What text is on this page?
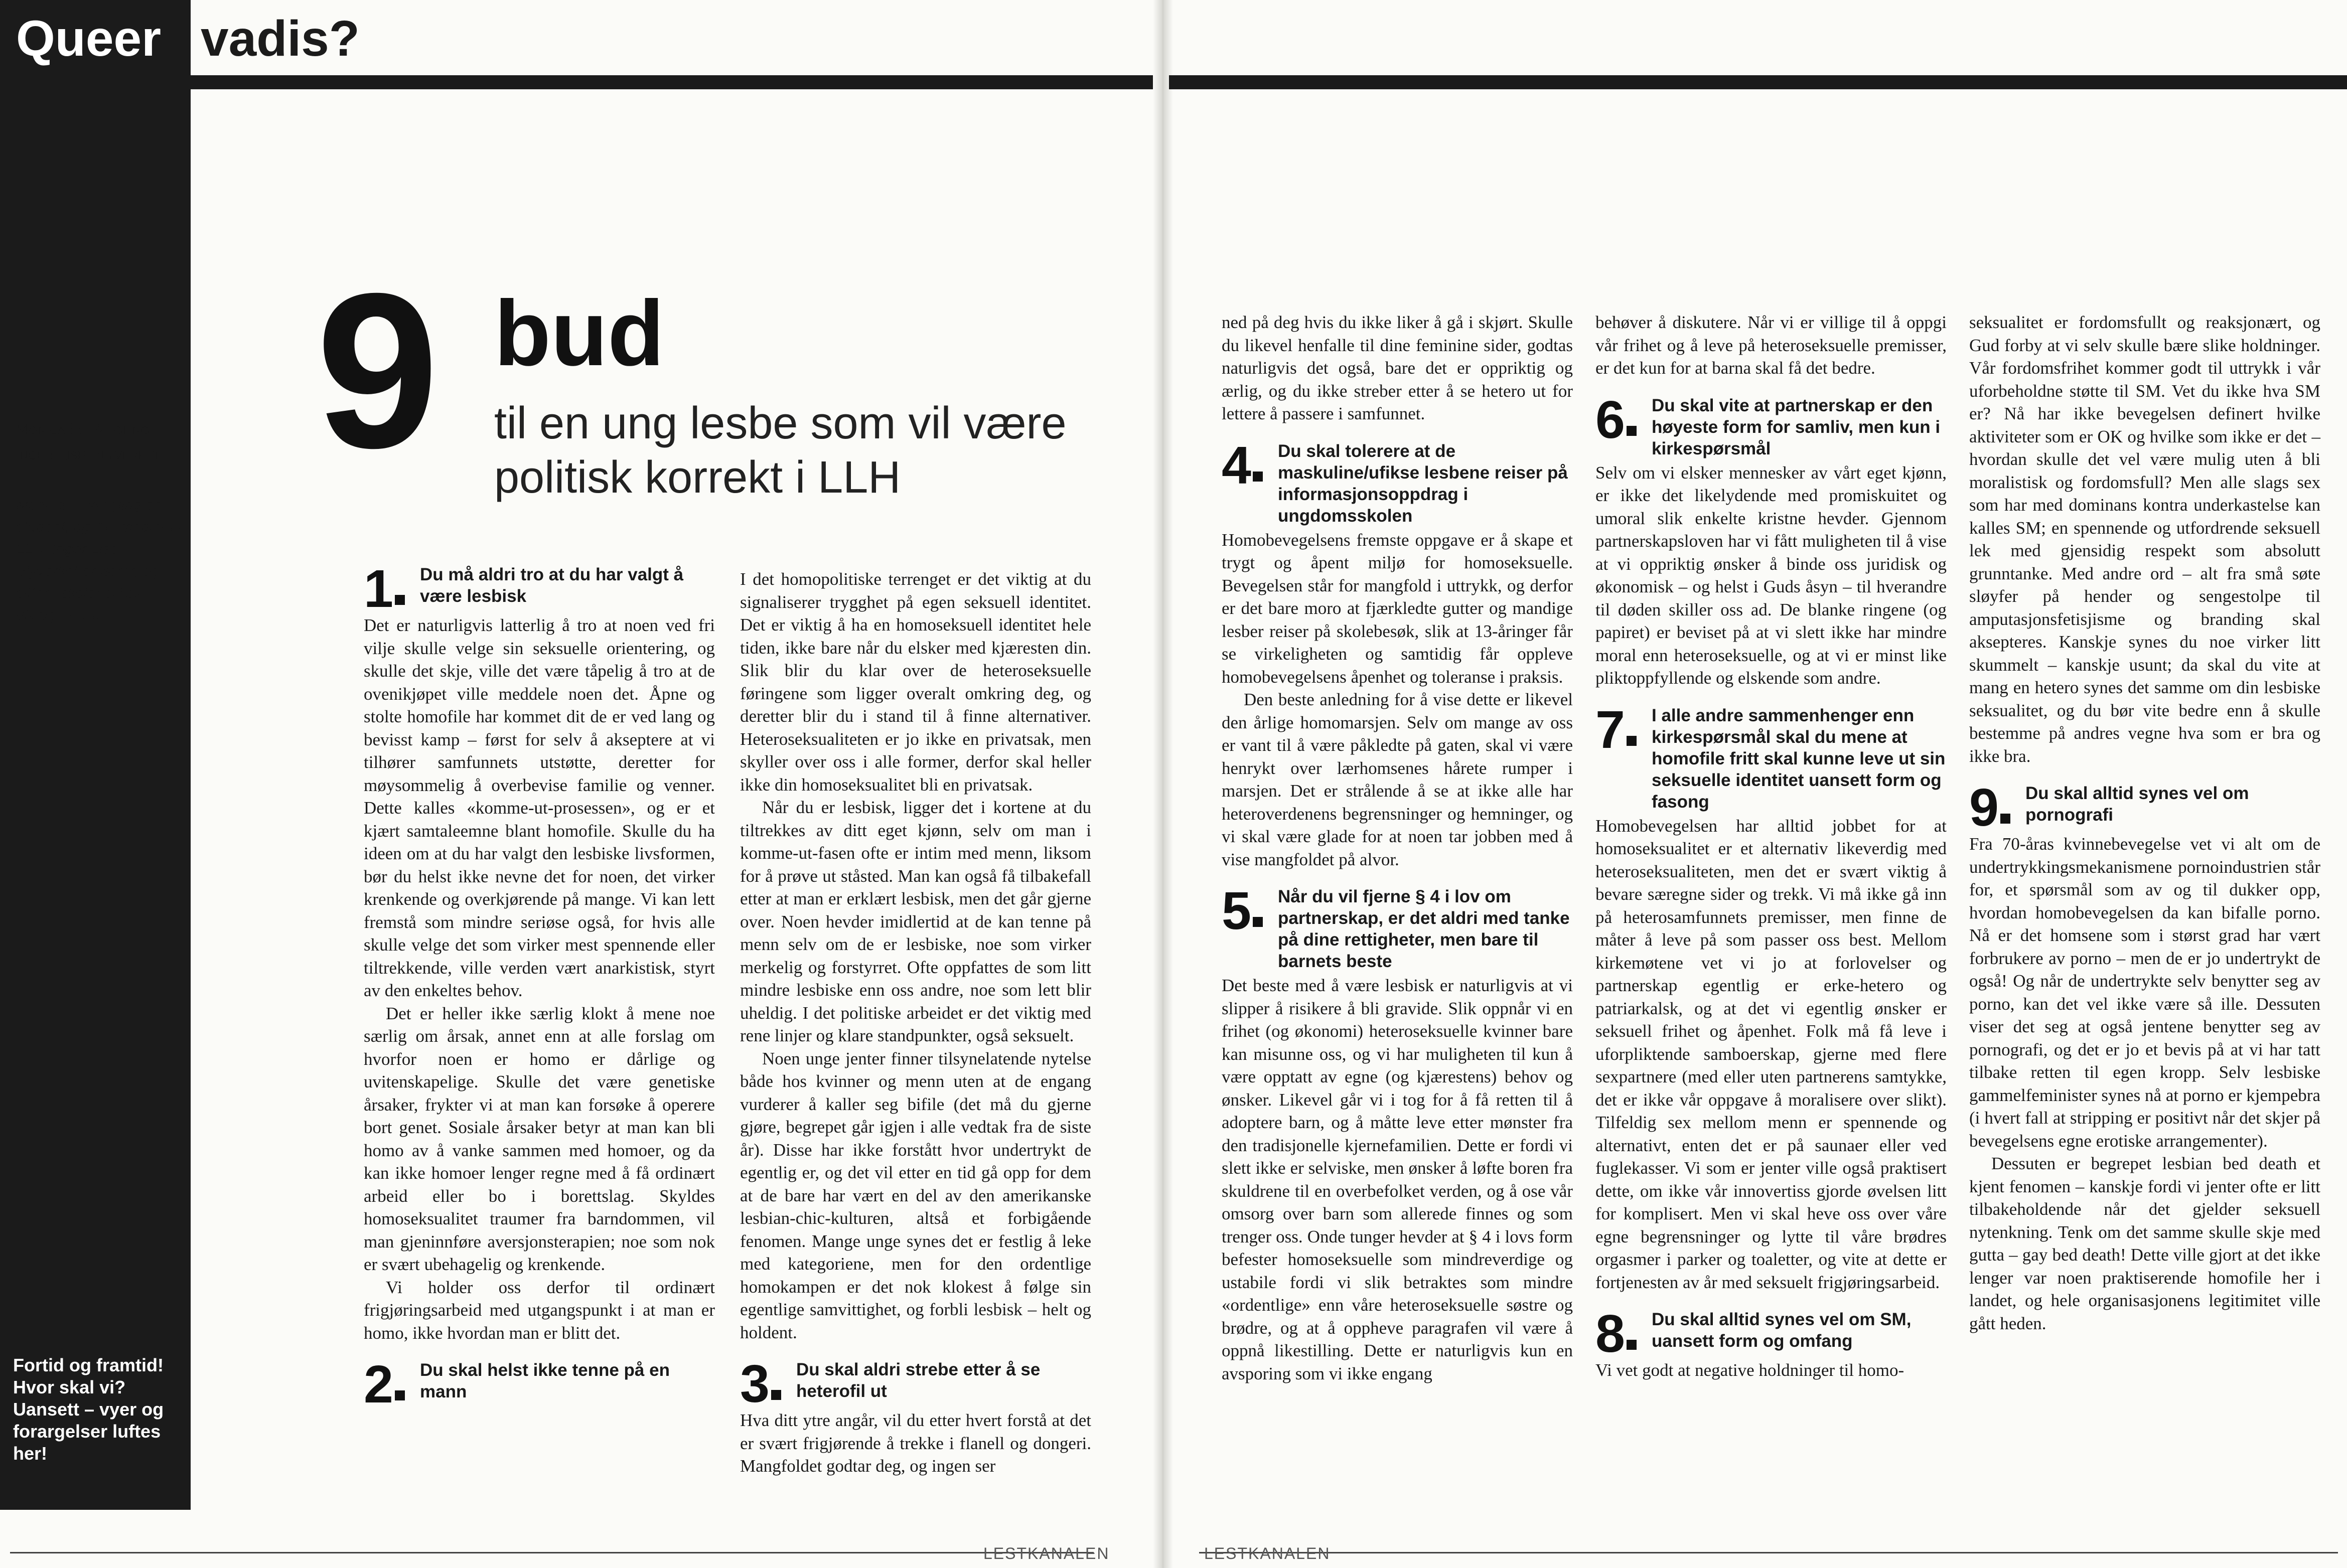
Queer vadis?
Monica E. Wegling
Inger Lise Blyverket
Monica E. Wegling er student, og AU-medlem i LLH. Inger Lise Blyverket er lærer, og sitter i skolepolitisk utvalg i LLH.
Fortid og framtid! Hvor skal vi? Uansett – vyer og forargelser luftes her!
9 bud
til en ung lesbe som vil være politisk korrekt i LLH
1 Du må aldri tro at du har valgt å være lesbisk

Det er naturligvis latterlig å tro at noen ved fri vilje skulle velge sin seksuelle orientering, og skulle det skje, ville det være tåpelig å tro at de ovenikjøpet ville meddele noen det. Åpne og stolte homofile har kommet dit de er ved lang og bevisst kamp – først for selv å akseptere at vi tilhører samfunnets utstøtte, deretter for møysommelig å overbevise familie og venner. Dette kalles «komme-ut-prosessen», og er et kjært samtaleemne blant homofile. Skulle du ha ideen om at du har valgt den lesbiske livsformen, bør du helst ikke nevne det for noen, det virker krenkende og overkjørende på mange. Vi kan lett fremstå som mindre seriøse også, for hvis alle skulle velge det som virker mest spennende eller tiltrekkende, ville verden vært anarkistisk, styrt av den enkeltes behov.

Det er heller ikke særlig klokt å mene noe særlig om årsak, annet enn at alle forslag om hvorfor noen er homo er dårlige og uvitenskapelige. Skulle det være genetiske årsaker, frykter vi at man kan forsøke å operere bort genet. Sosiale årsaker betyr at man kan bli homo av å vanke sammen med homoer, og da kan ikke homoer lenger regne med å få ordinært arbeid eller bo i borettslag. Skyldes homoseksualitet traumer fra barndommen, vil man gjeninnføre aversjonsterapien; noe som nok er svært ubehagelig og krenkende.

Vi holder oss derfor til ordinært frigjøringsarbeid med utgangspunkt i at man er homo, ikke hvordan man er blitt det.

2 Du skal helst ikke tenne på en mann

I det homopolitiske terrenget er det viktig at du signaliserer trygghet på egen seksuell identitet. Det er viktig å ha en homoseksuell identitet hele tiden, ikke bare når du elsker med kjæresten din. Slik blir du klar over de heteroseksuelle føringene som ligger overalt omkring deg, og deretter blir du i stand til å finne alternativer. Heteroseksualiteten er jo ikke en privatsak, men skyller over oss i alle former, derfor skal heller ikke din homoseksualitet bli en privatsak.

Når du er lesbisk, ligger det i kortene at du tiltrekkes av ditt eget kjønn, selv om man i komme-ut-fasen ofte er intim med menn, liksom for å prøve ut ståsted. Man kan også få tilbakefall etter at man er erklært lesbisk, men det går gjerne over. Noen hevder imidlertid at de kan tenne på menn selv om de er lesbiske, noe som virker merkelig og forstyrret. Ofte oppfattes de som litt mindre lesbiske enn oss andre, noe som lett blir uheldig. I det politiske arbeidet er det viktig med rene linjer og klare standpunkter, også seksuelt.

Noen unge jenter finner tilsynelatende nytelse både hos kvinner og menn uten at de engang vurderer å kaller seg bifile (det må du gjerne gjøre, begrepet går igjen i alle vedtak fra de siste år). Disse har ikke forstått hvor undertrykt de egentlig er, og det vil etter en tid gå opp for dem at de bare har vært en del av den amerikanske lesbian-chic-kulturen, altså et forbigående fenomen. Mange unge synes det er festlig å leke med kategoriene, men for den ordentlige homokampen er det nok klokest å følge sin egentlige samvittighet, og forbli lesbisk – helt og holdent.

3 Du skal aldri strebe etter å se heterofil ut

Hva ditt ytre angår, vil du etter hvert forstå at det er svært frigjørende å trekke i flanell og dongeri. Mangfoldet godtar deg, og ingen ser

ned på deg hvis du ikke liker å gå i skjørt. Skulle du likevel henfalle til dine feminine sider, godtas naturligvis det også, bare det er oppriktig og ærlig, og du ikke streber etter å se hetero ut for lettere å passere i samfunnet.

4 Du skal tolerere at de maskuline/ufikse lesbene reiser på informasjonsoppdrag i ungdomsskolen

Homobevegelsens fremste oppgave er å skape et trygt og åpent miljø for homoseksuelle. Bevegelsen står for mangfold i uttrykk, og derfor er det bare moro at fjærkledte gutter og mandige lesber reiser på skolebesøk, slik at 13-åringer får se virkeligheten og samtidig får oppleve homobevegelsens åpenhet og toleranse i praksis.

Den beste anledning for å vise dette er likevel den årlige homomarsjen. Selv om mange av oss er vant til å være påkledte på gaten, skal vi være henrykt over lærhomsenes hårete rumper i marsjen. Det er strålende å se at ikke alle har heteroverdenens begrensninger og hemninger, og vi skal være glade for at noen tar jobben med å vise mangfoldet på alvor.

5 Når du vil fjerne § 4 i lov om partnerskap, er det aldri med tanke på dine rettigheter, men bare til barnets beste

Det beste med å være lesbisk er naturligvis at vi slipper å risikere å bli gravide. Slik oppnår vi en frihet (og økonomi) heteroseksuelle kvinner bare kan misunne oss, og vi har muligheten til kun å være opptatt av egne (og kjærestens) behov og ønsker. Likevel går vi i tog for å få retten til å adoptere barn, og å måtte leve etter mønster fra den tradisjonelle kjernefamilien. Dette er fordi vi slett ikke er selviske, men ønsker å løfte boren fra skuldrene til en overbefolket verden, og å ose vår omsorg over barn som allerede finnes og som trenger oss. Onde tunger hevder at § 4 i lovs form befester homoseksuelle som mindreverdige og ustabile fordi vi slik betraktes som mindre «ordentlige» enn våre heteroseksuelle søstre og brødre, og at å oppheve paragrafen vil være å oppnå likestilling. Dette er naturligvis kun en avsporing som vi ikke engang

behøver å diskutere. Når vi er villige til å oppgi vår frihet og å leve på heteroseksuelle premisser, er det kun for at barna skal få det bedre.

6 Du skal vite at partnerskap er den høyeste form for samliv, men kun i kirkespørsmål

Selv om vi elsker mennesker av vårt eget kjønn, er ikke det likelydende med promiskuitet og umoral slik enkelte kristne hevder. Gjennom partnerskapsloven har vi fått muligheten til å vise at vi oppriktig ønsker å binde oss juridisk og økonomisk – og helst i Guds åsyn – til hverandre til døden skiller oss ad. De blanke ringene (og papiret) er beviset på at vi slett ikke har mindre moral enn heteroseksuelle, og at vi er minst like pliktoppfyllende og elskende som andre.

7 I alle andre sammenhenger enn kirkespørsmål skal du mene at homofile fritt skal kunne leve ut sin seksuelle identitet uansett form og fasong

Homobevegelsen har alltid jobbet for at homoseksualitet er et alternativ likeverdig med heteroseksualiteten, men det er svært viktig å bevare særegne sider og trekk. Vi må ikke gå inn på heterosamfunnets premisser, men finne de måter å leve på som passer oss best. Mellom kirkemøtene vet vi jo at forlovelser og partnerskap egentlig er erke-hetero og patriarkalsk, og at det vi egentlig ønsker er seksuell frihet og åpenhet. Folk må få leve i uforpliktende samboerskap, gjerne med flere sexpartnere (med eller uten partnerens samtykke, det er ikke vår oppgave å moralisere over slikt). Tilfeldig sex mellom menn er spennende og alternativt, enten det er på saunaer eller ved fuglekasser. Vi som er jenter ville også praktisert dette, om ikke vår innovertiss gjorde øvelsen litt for komplisert. Men vi skal heve oss over våre egne begrensninger og lytte til våre brødres orgasmer i parker og toaletter, og vite at dette er fortjenesten av år med seksuelt frigjøringsarbeid.

8 Du skal alltid synes vel om SM, uansett form og omfang

Vi vet godt at negative holdninger til homo-

seksualitet er fordomsfullt og reaksjonært, og Gud forby at vi selv skulle bære slike holdninger. Vår fordomsfrihet kommer godt til uttrykk i vår uforbeholdne støtte til SM. Vet du ikke hva SM er? Nå har ikke bevegelsen definert hvilke aktiviteter som er OK og hvilke som ikke er det – hvordan skulle det vel være mulig uten å bli moralistisk og fordomsfull? Men alle slags sex som har med dominans kontra underkastelse kan kalles SM; en spennende og utfordrende seksuell lek med gjensidig respekt som absolutt grunntanke. Med andre ord – alt fra små søte sløyfer på hender og sengestolpe til amputasjonsfetisjisme og branding skal aksepteres. Kanskje synes du noe virker litt skummelt – kanskje usunt; da skal du vite at mang en hetero synes det samme om din lesbiske seksualitet, og du bør vite bedre enn å skulle bestemme på andres vegne hva som er bra og ikke bra.

9 Du skal alltid synes vel om pornografi

Fra 70-åras kvinnebevegelse vet vi alt om de undertrykkingsmekanismene pornoindustrien står for, et spørsmål som av og til dukker opp, hvordan homobevegelsen da kan bifalle porno. Nå er det homsene som i størst grad har vært forbrukere av porno – men de er jo undertrykt de også! Og når de undertrykte selv benytter seg av porno, kan det vel ikke være så ille. Dessuten viser det seg at også jentene benytter seg av pornografi, og det er jo et bevis på at vi har tatt tilbake retten til egen kropp. Selv lesbiske gammelfeminister synes nå at porno er kjempebra (i hvert fall at stripping er positivt når det skjer på bevegelsens egne erotiske arrangementer).

Dessuten er begrepet lesbian bed death et kjent fenomen – kanskje fordi vi jenter ofte er litt tilbakeholdende når det gjelder seksuell nytenkning. Tenk om det samme skulle skje med gutta – gay bed death! Dette ville gjort at det ikke lenger var noen praktiserende homofile her i landet, og hele organisasjonens legitimitet ville gått heden.

LESTKANALEN	LESTKANALEN
